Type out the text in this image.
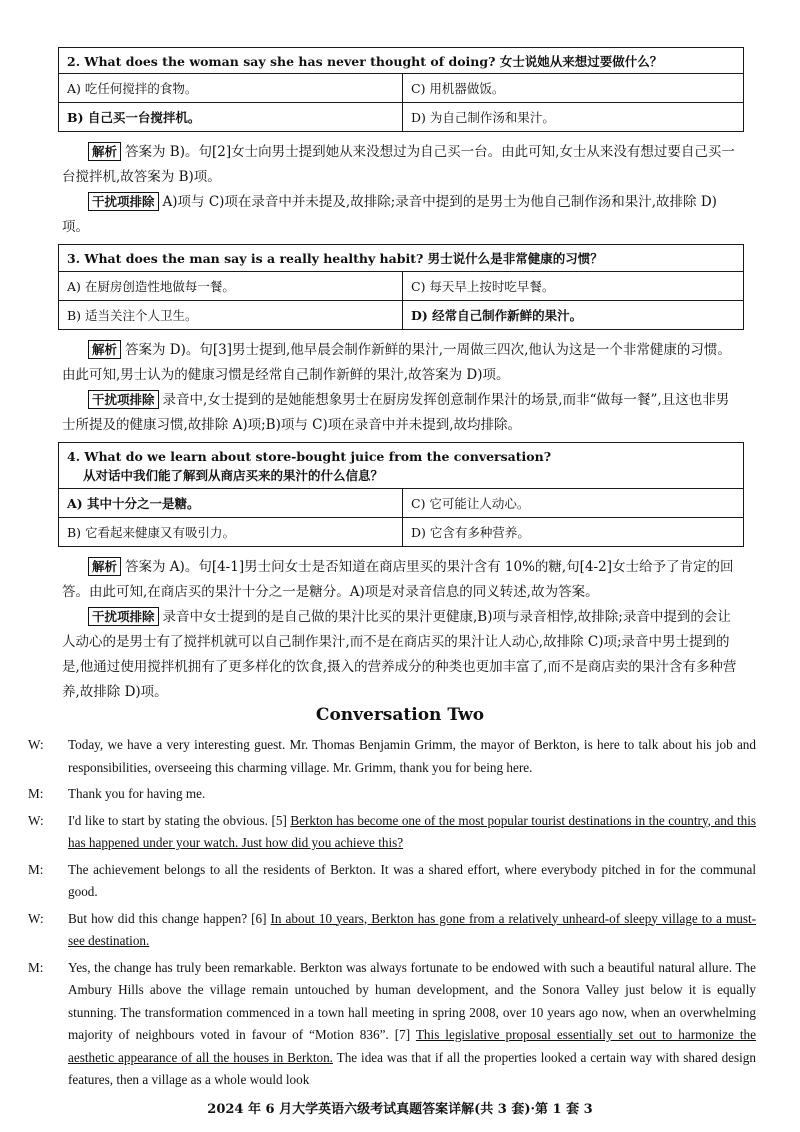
2. What does the woman say she has never thought of doing? 女士说她从来想过要做什么？	
A) 吃任何搅拌的食物。	C) 用机器做饭。
B) 自己买一台搅拌机。	D) 为自己制作汤和果汁。
解析 答案为 B)。句[2]女士向男士提到她从来没想过为自己买一台。由此可知,女士从来没有想过要自己买一台搅拌机,故答案为 B)项。
干扰项排除 A)项与 C)项在录音中并未提及,故排除;录音中提到的是男士为他自己制作汤和果汁,故排除 D)项。
3. What does the man say is a really healthy habit? 男士说什么是非常健康的习惯？	
A) 在厨房创造性地做每一餐。	C) 每天早上按时吃早餐。
B) 适当关注个人卫生。	D) 经常自己制作新鲜的果汁。
解析 答案为 D)。句[3]男士提到,他早晨会制作新鲜的果汁,一周做三四次,他认为这是一个非常健康的习惯。由此可知,男士认为的健康习惯是经常自己制作新鲜的果汁,故答案为 D)项。
干扰项排除 录音中,女士提到的是她能想象男士在厨房发挥创意制作果汁的场景,而非“做每一餐”,且这也非男士所提及的健康习惯,故排除 A)项;B)项与 C)项在录音中并未提到,故均排除。
4. What do we learn about store-bought juice from the conversation?
从对话中我们能了解到从商店买来的果汁的什么信息？	

A) 其中十分之一是糖。	C) 它可能让人动心。
B) 它看起来健康又有吸引力。	D) 它含有多种营养。
解析 答案为 A)。句[4-1]男士问女士是否知道在商店里买的果汁含有 10%的糖,句[4-2]女士给予了肯定的回答。由此可知,在商店买的果汁十分之一是糖分。A)项是对录音信息的同义转述,故为答案。
干扰项排除 录音中女士提到的是自己做的果汁比买的果汁更健康,B)项与录音相悖,故排除;录音中提到的会让人动心的是男士有了搅拌机就可以自己制作果汁,而不是在商店买的果汁让人动心,故排除 C)项;录音中男士提到的是,他通过使用搅拌机拥有了更多样化的饮食,摄入的营养成分的种类也更加丰富了,而不是商店卖的果汁含有多种营养,故排除 D)项。
Conversation Two
W: Today, we have a very interesting guest. Mr. Thomas Benjamin Grimm, the mayor of Berkton, is here to talk about his job and responsibilities, overseeing this charming village. Mr. Grimm, thank you for being here.
M: Thank you for having me.
W: I'd like to start by stating the obvious. [5] Berkton has become one of the most popular tourist destinations in the country, and this has happened under your watch. Just how did you achieve this?
M: The achievement belongs to all the residents of Berkton. It was a shared effort, where everybody pitched in for the communal good.
W: But how did this change happen? [6] In about 10 years, Berkton has gone from a relatively unheard-of sleepy village to a must-see destination.
M: Yes, the change has truly been remarkable. Berkton was always fortunate to be endowed with such a beautiful natural allure. The Ambury Hills above the village remain untouched by human development, and the Sonora Valley just below it is equally stunning. The transformation commenced in a town hall meeting in spring 2008, over 10 years ago now, when an overwhelming majority of neighbours voted in favour of “Motion 836”. [7] This legislative proposal essentially set out to harmonize the aesthetic appearance of all the houses in Berkton. The idea was that if all the properties looked a certain way with shared design features, then a village as a whole would look
2024 年 6 月大学英语六级考试真题答案详解(共 3 套)·第 1 套 3
